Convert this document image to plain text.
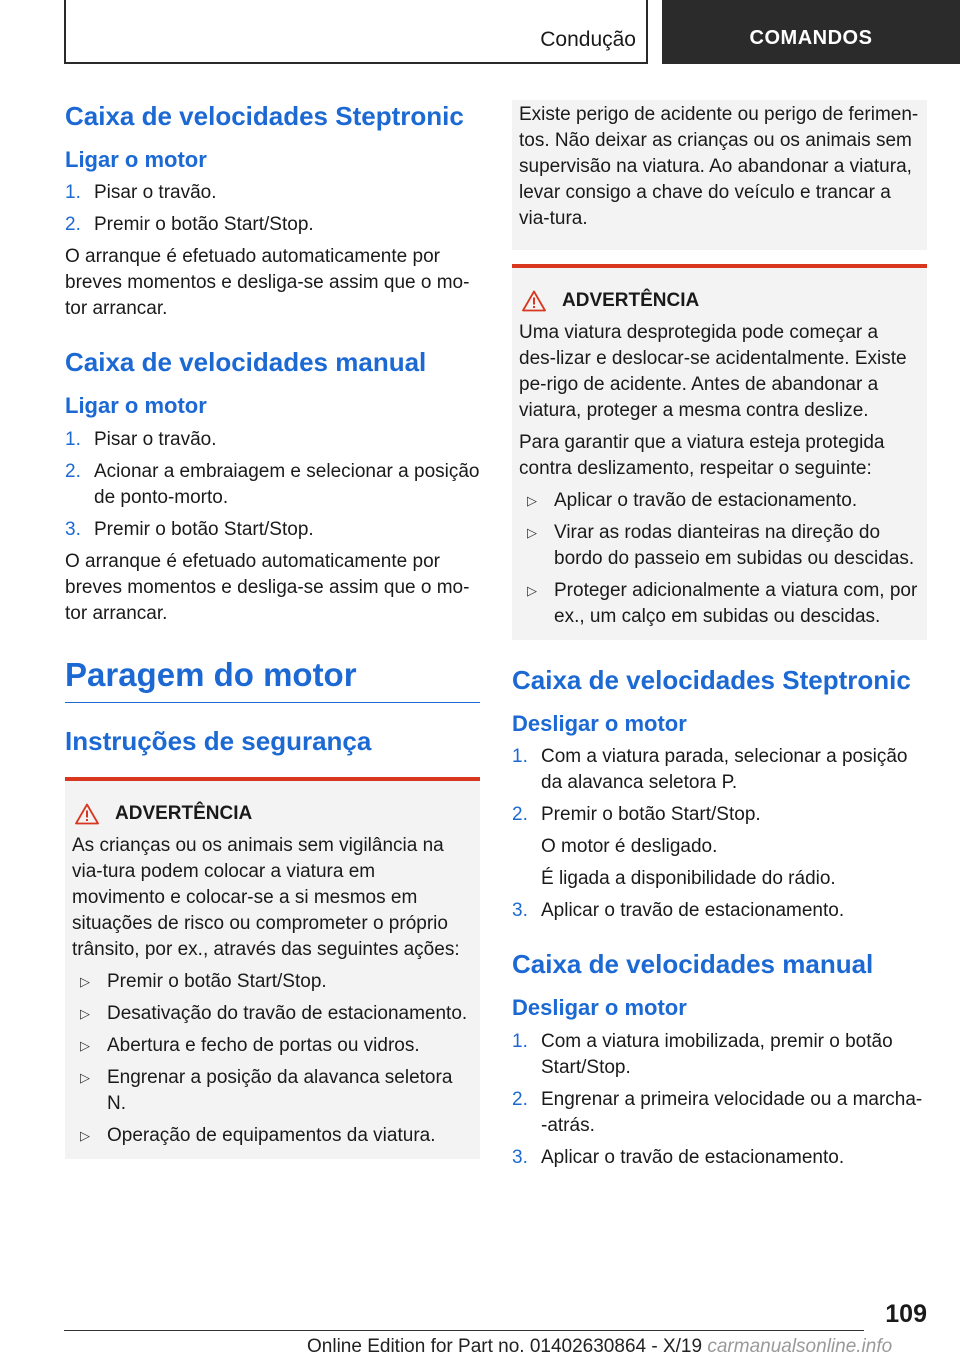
Condução	COMANDOS
Caixa de velocidades Steptronic
Ligar o motor
1. Pisar o travão.
2. Premir o botão Start/Stop.

O arranque é efetuado automaticamente por breves momentos e desliga-se assim que o mo-tor arrancar.

Caixa de velocidades manual
Ligar o motor
1. Pisar o travão.
2. Acionar a embraiagem e selecionar a posição de ponto-morto.
3. Premir o botão Start/Stop.

O arranque é efetuado automaticamente por breves momentos e desliga-se assim que o mo-tor arrancar.

Paragem do motor
Instruções de segurança
ADVERTÊNCIA

As crianças ou os animais sem vigilância na via-tura podem colocar a viatura em movimento e colocar-se a si mesmos em situações de risco ou comprometer o próprio trânsito, por ex., através das seguintes ações:

▷ Premir o botão Start/Stop.
▷ Desativação do travão de estacionamento.
▷ Abertura e fecho de portas ou vidros.
▷ Engrenar a posição da alavanca seletora N.
▷ Operação de equipamentos da viatura.

Existe perigo de acidente ou perigo de ferimen-tos. Não deixar as crianças ou os animais sem supervisão na viatura. Ao abandonar a viatura, levar consigo a chave do veículo e trancar a via-tura.

ADVERTÊNCIA

Uma viatura desprotegida pode começar a des-lizar e deslocar-se acidentalmente. Existe pe-rigo de acidente. Antes de abandonar a viatura, proteger a mesma contra deslize.

Para garantir que a viatura esteja protegida contra deslizamento, respeitar o seguinte:

▷ Aplicar o travão de estacionamento.
▷ Virar as rodas dianteiras na direção do bordo do passeio em subidas ou descidas.
▷ Proteger adicionalmente a viatura com, por ex., um calço em subidas ou descidas.
Caixa de velocidades Steptronic
Desligar o motor
1. Com a viatura parada, selecionar a posição da alavanca seletora P.
2. Premir o botão Start/Stop.
O motor é desligado.
É ligada a disponibilidade do rádio.
3. Aplicar o travão de estacionamento.
Caixa de velocidades manual
Desligar o motor
1. Com a viatura imobilizada, premir o botão Start/Stop.
2. Engrenar a primeira velocidade ou a marcha--atrás.
3. Aplicar o travão de estacionamento.
109
Online Edition for Part no. 01402630864 - X/19 carmanualsonline.info
